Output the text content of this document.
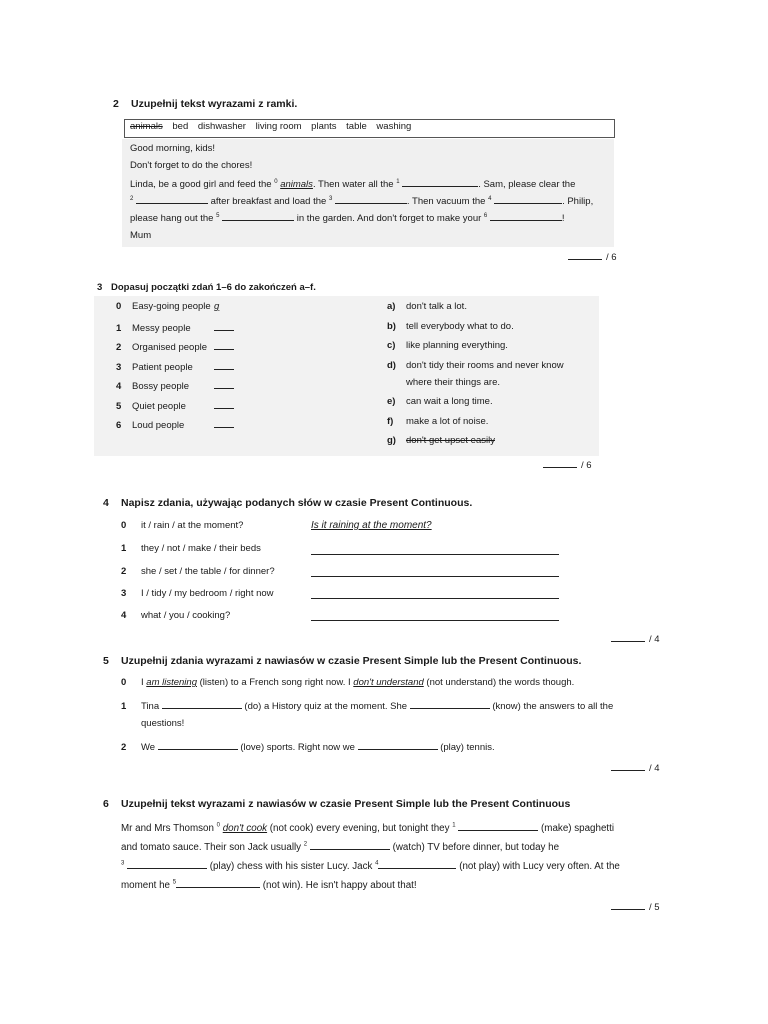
2 Uzupełnij tekst wyrazami z ramki.
animals bed dishwasher living room plants table washing
Good morning, kids!
Don't forget to do the chores!
Linda, be a good girl and feed the $^0$ animals. Then water all the $^1$	. Sam, please clear the
$^2$	after breakfast and load the $^3$	. Then vacuum the $^4$	. Philip,
please hang out the $^5$	in the garden. And don't forget to make your $^6$	!
Mum
/ 6
3 Dopasuj początki zdań 1–6 do zakończeń a–f.
0 Easy-going people g
1 Messy people
2 Organised people
3 Patient people
4 Bossy people
5 Quiet people
6 Loud people
a) don't talk a lot.
b) tell everybody what to do.
c) like planning everything.
d) don't tidy their rooms and never know
where their things are.
e) can wait a long time.
f) make a lot of noise.
g) don't get upset easily
/ 6
4 Napisz zdania, używając podanych słów w czasie Present Continuous.
0 it / rain / at the moment?	Is it raining at the moment?
1 they / not / make / their beds
2 she / set / the table / for dinner?
3 I / tidy / my bedroom / right now
4 what / you / cooking?
/ 4
5 Uzupełnij zdania wyrazami z nawiasów w czasie Present Simple lub the Present Continuous.
0 I am listening (listen) to a French song right now. I don't understand (not understand) the words though.
1 Tina	(do) a History quiz at the moment. She	(know) the answers to all the
questions!
2 We	(love) sports. Right now we	(play) tennis.
/ 4
6 Uzupełnij tekst wyrazami z nawiasów w czasie Present Simple lub the Present Continuous
Mr and Mrs Thomson $^0$ don't cook (not cook) every evening, but tonight they $^1$	(make) spaghetti
and tomato sauce. Their son Jack usually $^2$	(watch) TV before dinner, but today he
$^3$	(play) chess with his sister Lucy. Jack $^4$	(not play) with Lucy very often. At the
moment he $^5$	(not win). He isn't happy about that!
/ 5
